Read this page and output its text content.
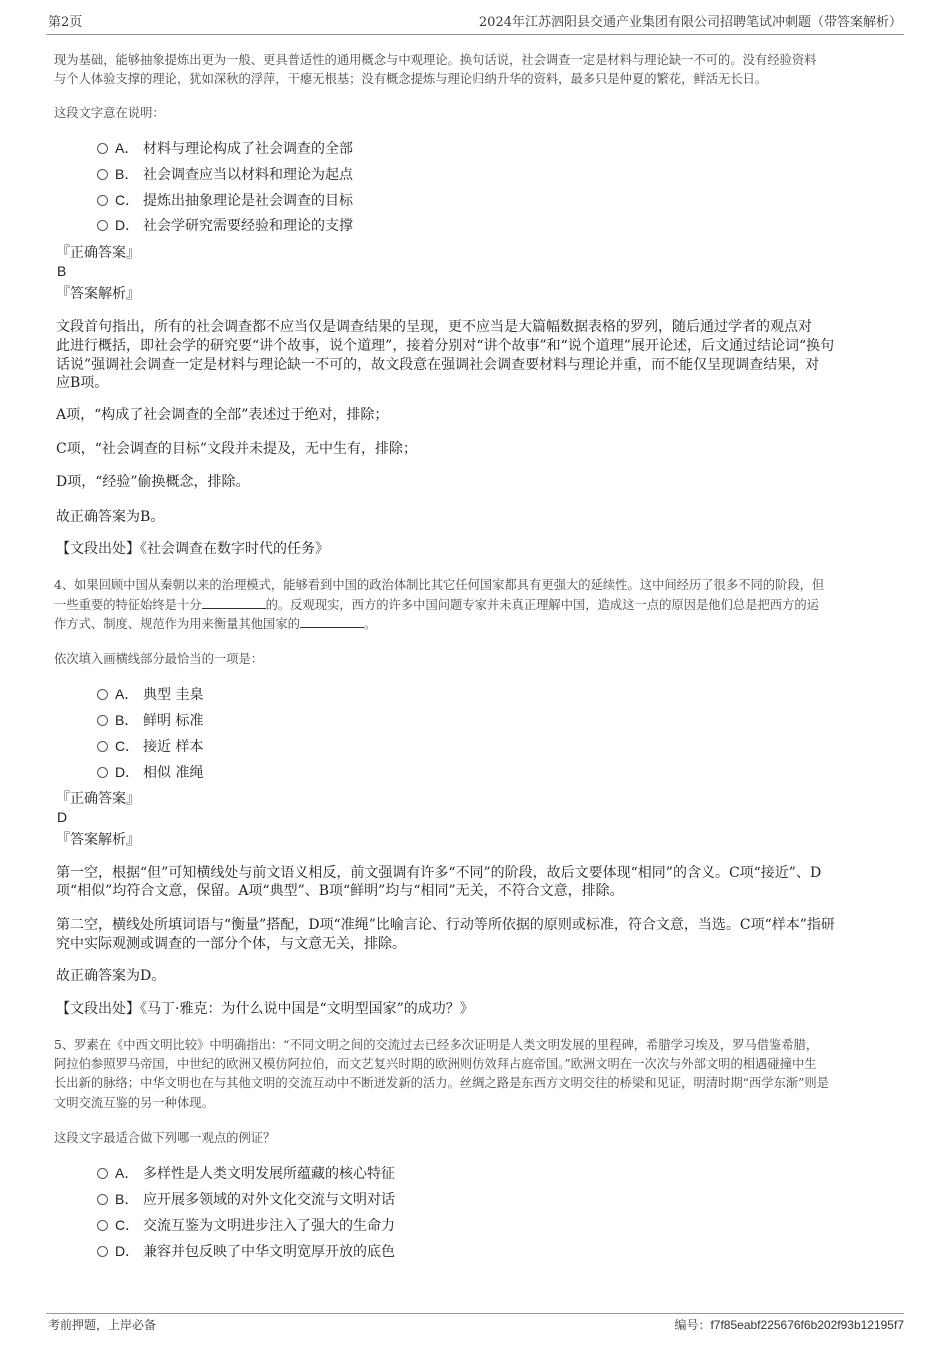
第2页	2024年江苏泗阳县交通产业集团有限公司招聘笔试冲刺题（带答案解析）
现为基础，能够抽象提炼出更为一般、更具普适性的通用概念与中观理论。换句话说，社会调查一定是材料与理论缺一不可的。没有经验资料
与个人体验支撑的理论，犹如深秋的浮萍，干瘪无根基；没有概念提炼与理论归纳升华的资料，最多只是仲夏的繁花，鲜活无长日。
这段文字意在说明：
A． 材料与理论构成了社会调查的全部
B． 社会调查应当以材料和理论为起点
C． 提炼出抽象理论是社会调查的目标
D． 社会学研究需要经验和理论的支撑
『正确答案』
B
『答案解析』
文段首句指出，所有的社会调查都不应当仅是调查结果的呈现，更不应当是大篇幅数据表格的罗列，随后通过学者的观点对
此进行概括，即社会学的研究要“讲个故事，说个道理”，接着分别对“讲个故事”和“说个道理”展开论述，后文通过结论词“换句
话说”强调社会调查一定是材料与理论缺一不可的，故文段意在强调社会调查要材料与理论并重，而不能仅呈现调查结果，对
应B项。
A项，“构成了社会调查的全部”表述过于绝对，排除；
C项，“社会调查的目标”文段并未提及，无中生有，排除；
D项，“经验”偷换概念，排除。
故正确答案为B。
【文段出处】《社会调查在数字时代的任务》
4、如果回顾中国从秦朝以来的治理模式，能够看到中国的政治体制比其它任何国家都具有更强大的延续性。这中间经历了很多不同的阶段，但
一些重要的特征始终是十分	的。反观现实，西方的许多中国问题专家并未真正理解中国，造成这一点的原因是他们总是把西方的运
作方式、制度、规范作为用来衡量其他国家的	。
依次填入画横线部分最恰当的一项是：
A． 典型 圭臬
B． 鲜明 标准
C． 接近 样本
D． 相似 准绳
『正确答案』
D
『答案解析』
第一空，根据“但”可知横线处与前文语义相反，前文强调有许多“不同”的阶段，故后文要体现“相同”的含义。C项“接近”、D
项“相似”均符合文意，保留。A项“典型”、B项“鲜明”均与“相同”无关，不符合文意，排除。
第二空，横线处所填词语与“衡量”搭配，D项“准绳”比喻言论、行动等所依据的原则或标准，符合文意，当选。C项“样本”指研
究中实际观测或调查的一部分个体，与文意无关，排除。
故正确答案为D。
【文段出处】《马丁·雅克：为什么说中国是“文明型国家”的成功？》
5、罗素在《中西文明比较》中明确指出：“不同文明之间的交流过去已经多次证明是人类文明发展的里程碑，希腊学习埃及，罗马借鉴希腊，
阿拉伯参照罗马帝国，中世纪的欧洲又模仿阿拉伯，而文艺复兴时期的欧洲则仿效拜占庭帝国。”欧洲文明在一次次与外部文明的相遇碰撞中生
长出新的脉络；中华文明也在与其他文明的交流互动中不断迸发新的活力。丝绸之路是东西方文明交往的桥梁和见证，明清时期“西学东渐”则是
文明交流互鉴的另一种体现。
这段文字最适合做下列哪一观点的例证？
A． 多样性是人类文明发展所蕴藏的核心特征
B． 应开展多领域的对外文化交流与文明对话
C． 交流互鉴为文明进步注入了强大的生命力
D． 兼容并包反映了中华文明宽厚开放的底色
考前押题，上岸必备	编号：f7f85eabf225676f6b202f93b12195f7
